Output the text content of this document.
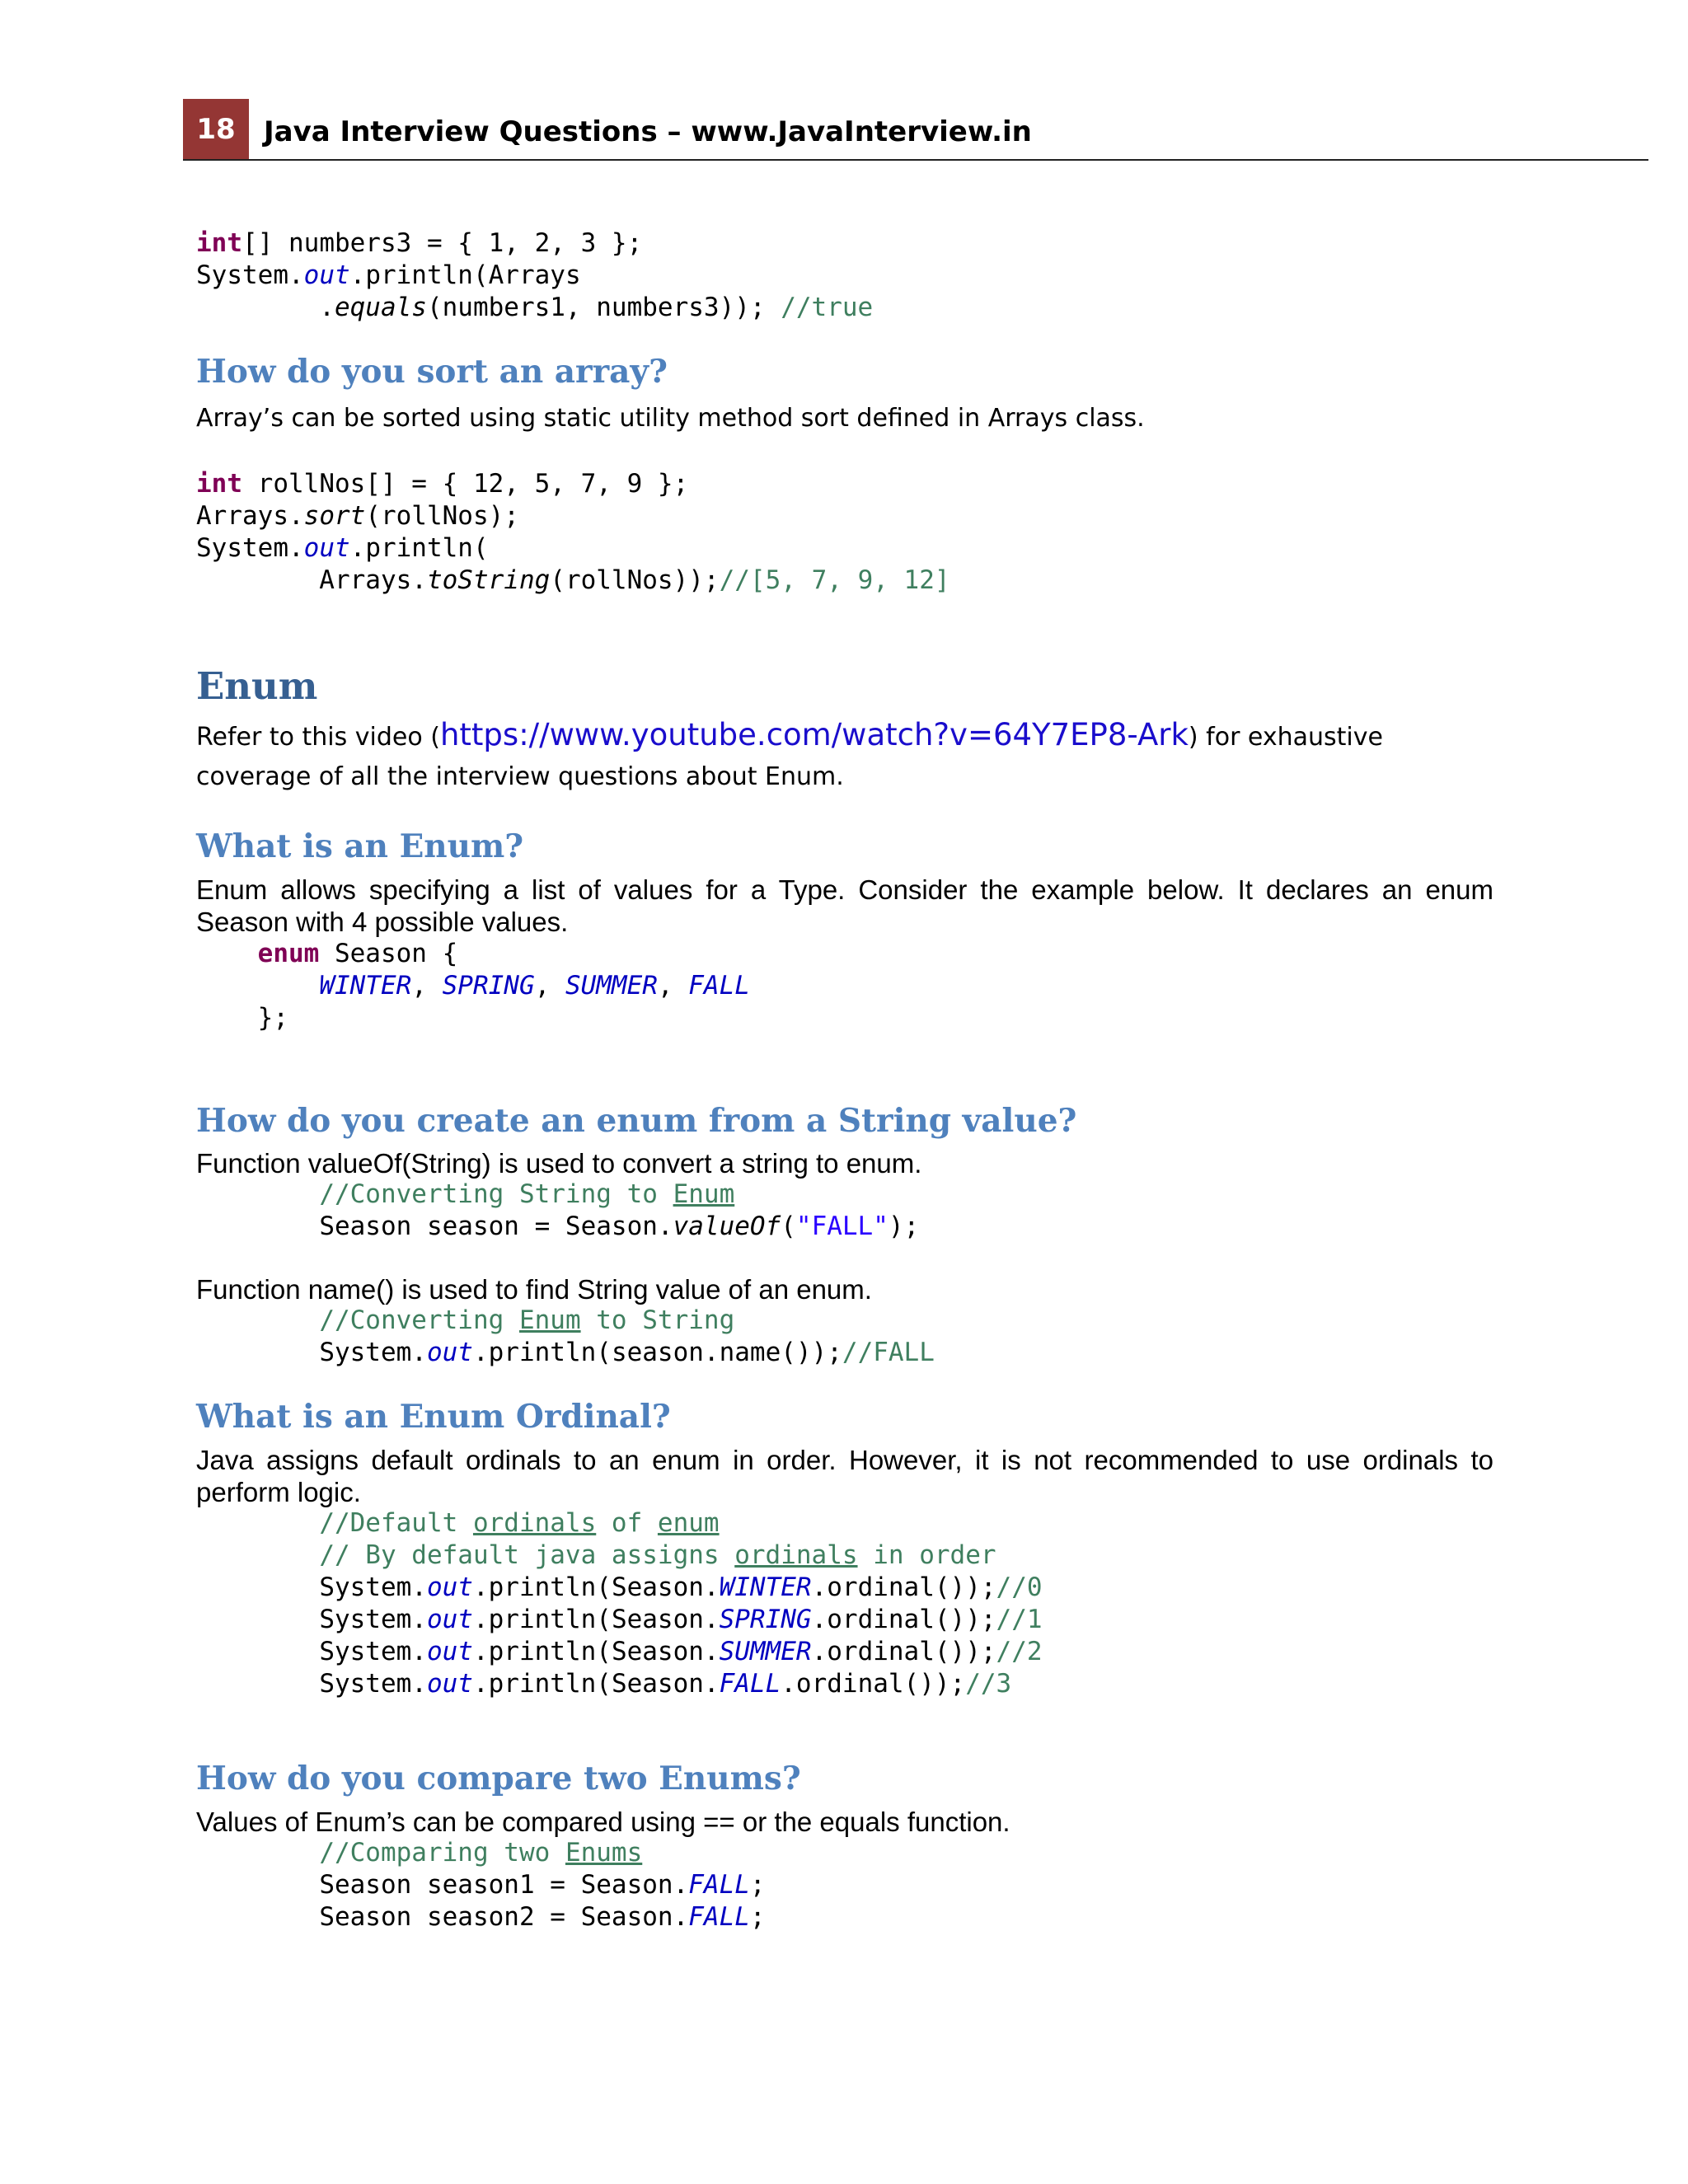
18	Java Interview Questions – www.JavaInterview.in
int[] numbers3 = { 1, 2, 3 };
System.out.println(Arrays
.equals(numbers1, numbers3)); //true
How do you sort an array?

Array’s can be sorted using static utility method sort defined in Arrays class.

int rollNos[] = { 12, 5, 7, 9 };
Arrays.sort(rollNos);
System.out.println(
Arrays.toString(rollNos));//[5, 7, 9, 12]
Enum

Refer to this video (https://www.youtube.com/watch?v=64Y7EP8-Ark) for exhaustive

coverage of all the interview questions about Enum.

What is an Enum?

Enum allows specifying a list of values for a Type. Consider the example below. It declares an enum Season with 4 possible values.

enum Season {
WINTER, SPRING, SUMMER, FALL
};
How do you create an enum from a String value?

Function valueOf(String) is used to convert a string to enum.

//Converting String to Enum
Season season = Season.valueOf("FALL");

Function name() is used to find String value of an enum.

//Converting Enum to String
System.out.println(season.name());//FALL
What is an Enum Ordinal?

Java assigns default ordinals to an enum in order. However, it is not recommended to use ordinals to perform logic.

//Default ordinals of enum
// By default java assigns ordinals in order
System.out.println(Season.WINTER.ordinal());//0
System.out.println(Season.SPRING.ordinal());//1
System.out.println(Season.SUMMER.ordinal());//2
System.out.println(Season.FALL.ordinal());//3
How do you compare two Enums?

Values of Enum’s can be compared using == or the equals function.

//Comparing two Enums
Season season1 = Season.FALL;
Season season2 = Season.FALL;
